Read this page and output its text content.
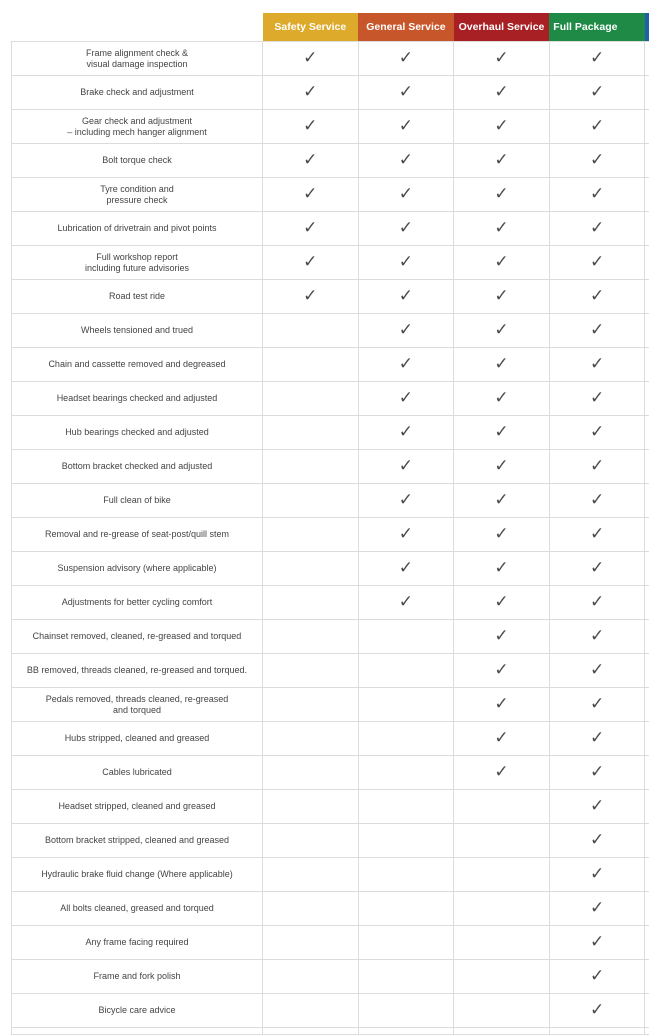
	Safety Service	General Service	Overhaul Service	Full Package	
Frame alignment check &
visual damage inspection	✓	✓	✓	✓	
Brake check and adjustment	✓	✓	✓	✓	
Gear check and adjustment
– including mech hanger alignment	✓	✓	✓	✓	
Bolt torque check	✓	✓	✓	✓	
Tyre condition and
pressure check	✓	✓	✓	✓	
Lubrication of drivetrain and pivot points	✓	✓	✓	✓	
Full workshop report
including future advisories	✓	✓	✓	✓	
Road test ride	✓	✓	✓	✓	
Wheels tensioned and trued		✓	✓	✓	
Chain and cassette removed and degreased		✓	✓	✓	
Headset bearings checked and adjusted		✓	✓	✓	
Hub bearings checked and adjusted		✓	✓	✓	
Bottom bracket checked and adjusted		✓	✓	✓	
Full clean of bike		✓	✓	✓	
Removal and re-grease of seat-post/quill stem		✓	✓	✓	
Suspension advisory (where applicable)		✓	✓	✓	
Adjustments for better cycling comfort		✓	✓	✓	
Chainset removed, cleaned, re-greased and torqued			✓	✓	
BB removed, threads cleaned, re-greased and torqued.			✓	✓	
Pedals removed, threads cleaned, re-greased
and torqued			✓	✓	
Hubs stripped, cleaned and greased			✓	✓	
Cables lubricated			✓	✓	
Headset stripped, cleaned and greased				✓	
Bottom bracket stripped, cleaned and greased				✓	
Hydraulic brake fluid change (Where applicable)				✓	
All bolts cleaned, greased and torqued				✓	
Any frame facing required				✓	
Frame and fork polish				✓	
Bicycle care advice				✓	
